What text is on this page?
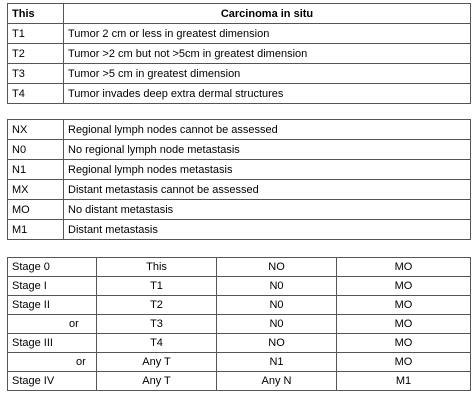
This	Carcinoma in situ
T1	Tumor 2 cm or less in greatest dimension
T2	Tumor >2 cm but not >5cm in greatest dimension
T3	Tumor >5 cm in greatest dimension
T4	Tumor invades deep extra dermal structures
NX	Regional lymph nodes cannot be assessed
N0	No regional lymph node metastasis
N1	Regional lymph nodes metastasis
MX	Distant metastasis cannot be assessed
MO	No distant metastasis
M1	Distant metastasis
Stage 0	This	NO	MO
Stage I	T1	N0	MO
Stage II	T2	N0	MO
or	T3	N0	MO
Stage III	T4	NO	MO
or	Any T	N1	MO
Stage IV	Any T	Any N	M1
